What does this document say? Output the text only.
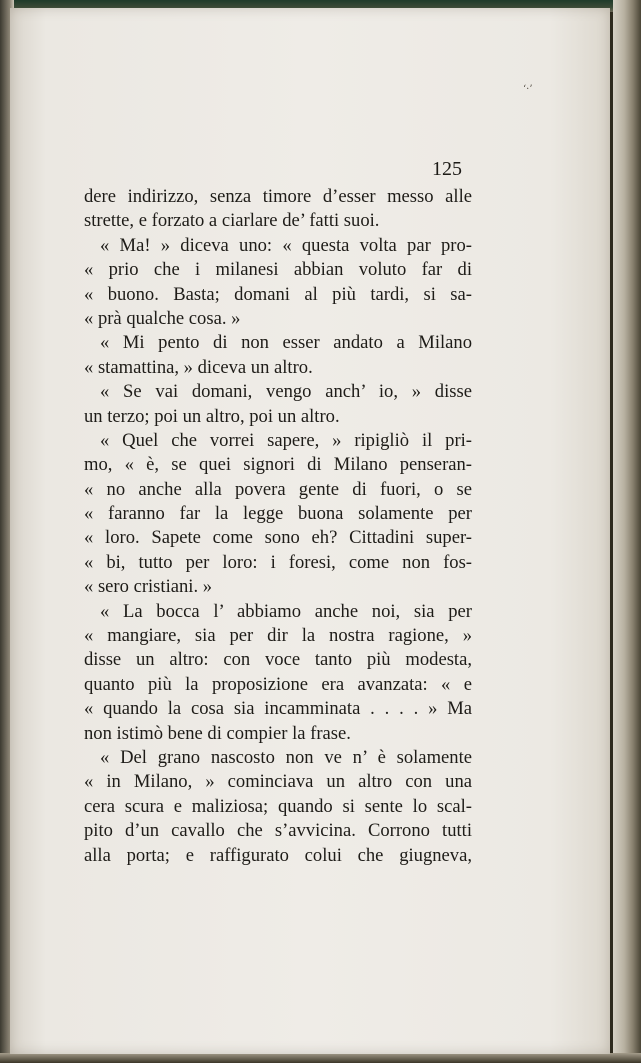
‘·’
125
dere indirizzo, senza timore d’esser messo alle
strette, e forzato a ciarlare de’ fatti suoi.
« Ma! » diceva uno: « questa volta par pro-
« prio che i milanesi abbian voluto far di
« buono. Basta; domani al più tardi, si sa-
« prà qualche cosa. »
« Mi pento di non esser andato a Milano
« stamattina, » diceva un altro.
« Se vai domani, vengo anch’ io, » disse
un terzo; poi un altro, poi un altro.
« Quel che vorrei sapere, » ripigliò il pri-
mo, « è, se quei signori di Milano penseran-
« no anche alla povera gente di fuori, o se
« faranno far la legge buona solamente per
« loro. Sapete come sono eh? Cittadini super-
« bi, tutto per loro: i foresi, come non fos-
« sero cristiani. »
« La bocca l’ abbiamo anche noi, sia per
« mangiare, sia per dir la nostra ragione, »
disse un altro: con voce tanto più modesta,
quanto più la proposizione era avanzata: « e
« quando la cosa sia incamminata . . . . » Ma
non istimò bene di compier la frase.
« Del grano nascosto non ve n’ è solamente
« in Milano, » cominciava un altro con una
cera scura e maliziosa; quando si sente lo scal-
pito d’un cavallo che s’avvicina. Corrono tutti
alla porta; e raffigurato colui che giugneva,
